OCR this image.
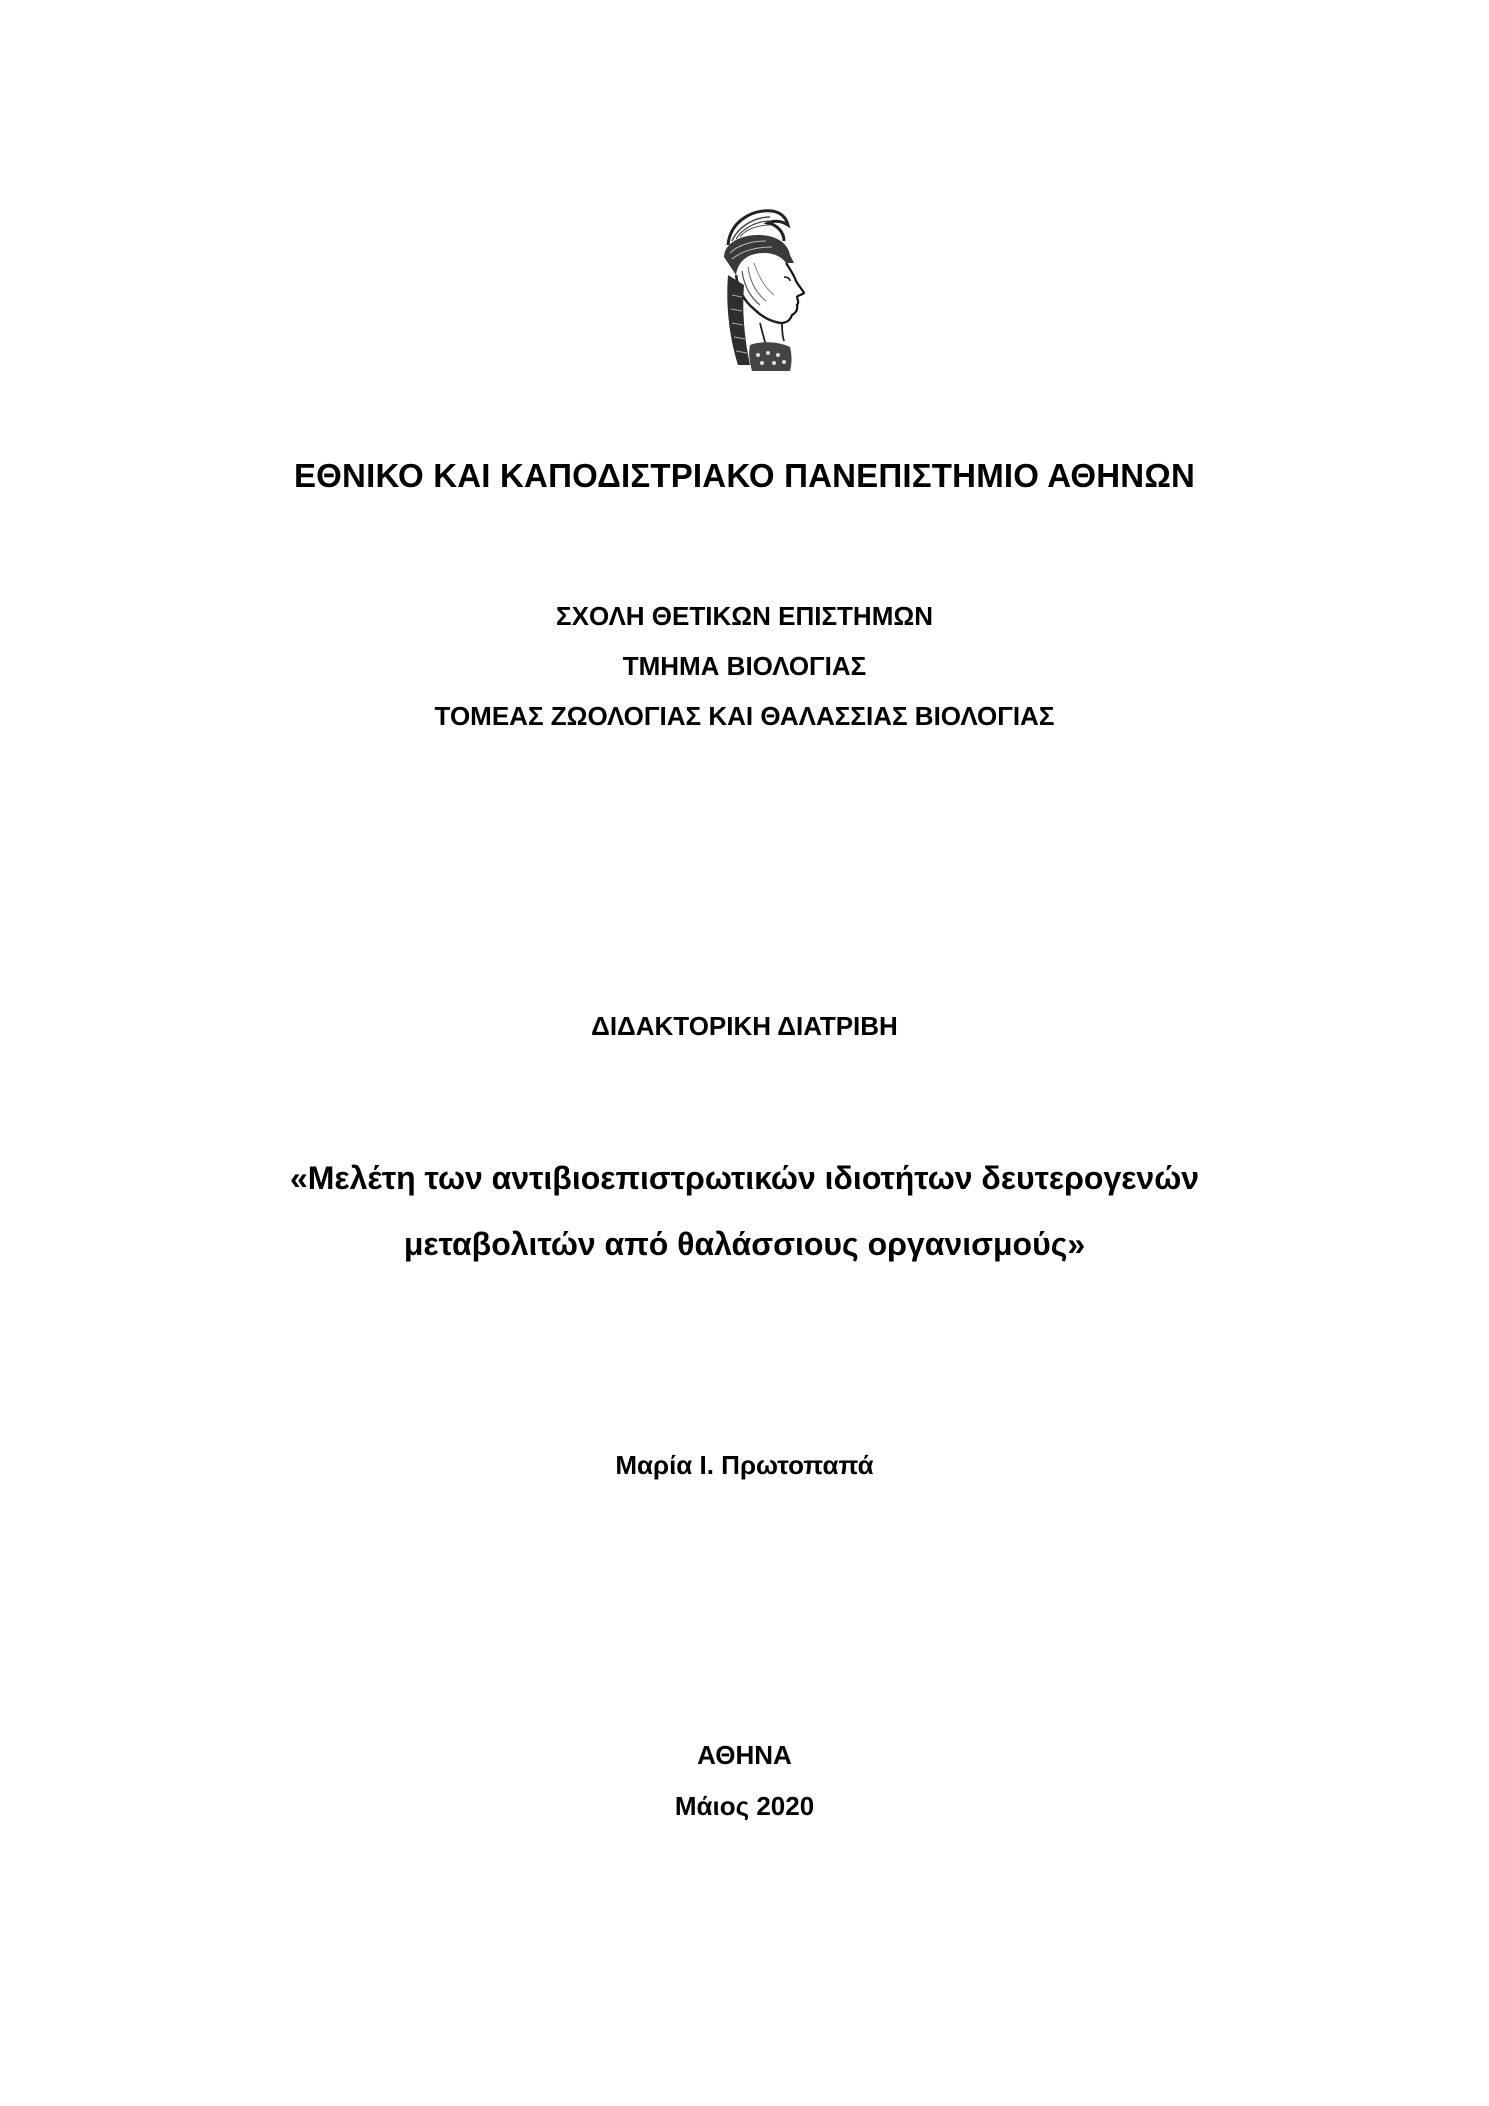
ΕΘΝΙΚΟ ΚΑΙ ΚΑΠΟΔΙΣΤΡΙΑΚΟ ΠΑΝΕΠΙΣΤΗΜΙΟ ΑΘΗΝΩΝ

ΣΧΟΛΗ ΘΕΤΙΚΩΝ ΕΠΙΣΤΗΜΩΝ

ΤΜΗΜΑ ΒΙΟΛΟΓΙΑΣ

ΤΟΜΕΑΣ ΖΩΟΛΟΓΙΑΣ ΚΑΙ ΘΑΛΑΣΣΙΑΣ ΒΙΟΛΟΓΙΑΣ

ΔΙΔΑΚΤΟΡΙΚΗ ΔΙΑΤΡΙΒΗ

«Μελέτη των αντιβιοεπιστρωτικών ιδιοτήτων δευτερογενών

μεταβολιτών από θαλάσσιους οργανισμούς»

Μαρία Ι. Πρωτοπαπά

ΑΘΗΝΑ

Μάιος 2020
